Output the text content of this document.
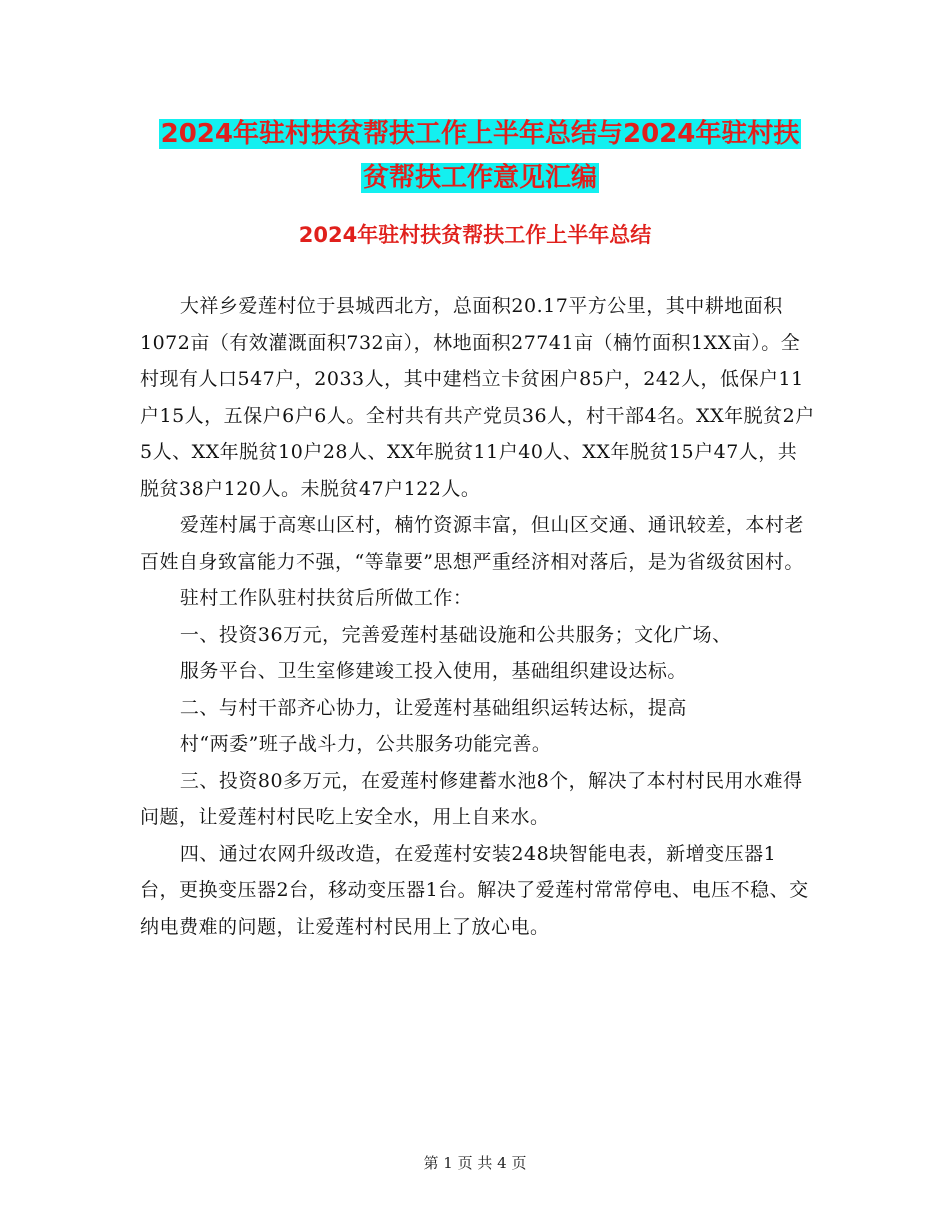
2024年驻村扶贫帮扶工作上半年总结与2024年驻村扶
贫帮扶工作意见汇编
2024年驻村扶贫帮扶工作上半年总结

大祥乡爱莲村位于县城西北方，总面积20.17平方公里，其中耕地面积1072亩（有效灌溉面积732亩），林地面积27741亩（楠竹面积1XX亩）。全村现有人口547户，2033人，其中建档立卡贫困户85户，242人，低保户11户15人，五保户6户6人。全村共有共产党员36人，村干部4名。XX年脱贫2户5人、XX年脱贫10户28人、XX年脱贫11户40人、XX年脱贫15户47人，共脱贫38户120人。未脱贫47户122人。

爱莲村属于高寒山区村，楠竹资源丰富，但山区交通、通讯较差，本村老百姓自身致富能力不强，“等靠要”思想严重经济相对落后，是为省级贫困村。

驻村工作队驻村扶贫后所做工作：

一、投资36万元，完善爱莲村基础设施和公共服务；文化广场、

服务平台、卫生室修建竣工投入使用，基础组织建设达标。

二、与村干部齐心协力，让爱莲村基础组织运转达标，提高

村“两委”班子战斗力，公共服务功能完善。

三、投资80多万元，在爱莲村修建蓄水池8个，解决了本村村民用水难得问题，让爱莲村村民吃上安全水，用上自来水。

四、通过农网升级改造，在爱莲村安装248块智能电表，新增变压器1台，更换变压器2台，移动变压器1台。解决了爱莲村常常停电、电压不稳、交纳电费难的问题，让爱莲村村民用上了放心电。

第 1 页 共 4 页
